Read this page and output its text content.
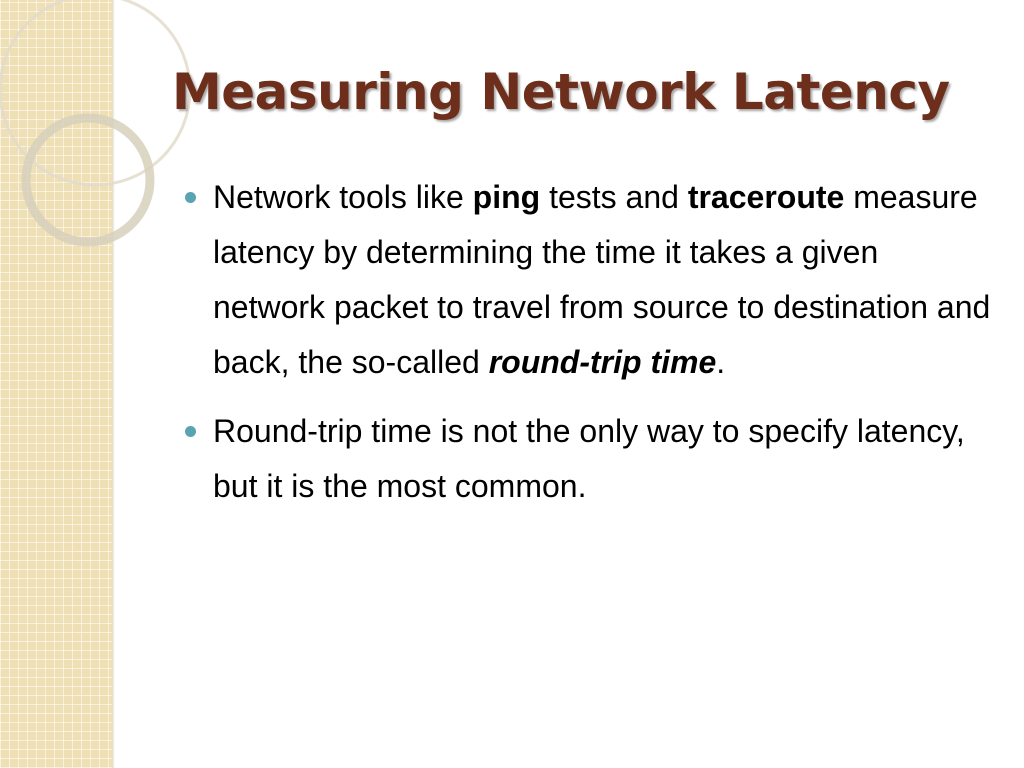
Measuring Network Latency
Network tools like ping tests and traceroute measure latency by determining the time it takes a given network packet to travel from source to destination and back, the so-called round-trip time.
Round-trip time is not the only way to specify latency, but it is the most common.
